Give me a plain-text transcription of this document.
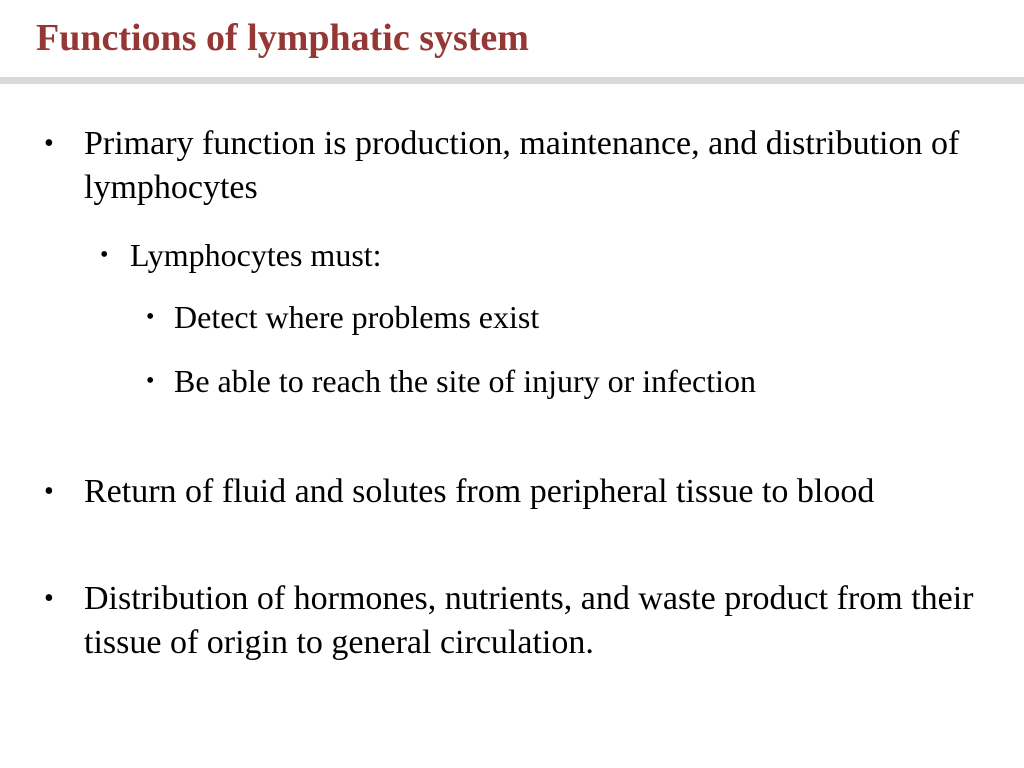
Functions of lymphatic system
• Primary function is production, maintenance, and distribution of lymphocytes
• Lymphocytes must:
• Detect where problems exist
• Be able to reach the site of injury or infection
• Return of fluid and solutes from peripheral tissue to blood
• Distribution of hormones, nutrients, and waste product from their tissue of origin to general circulation.
